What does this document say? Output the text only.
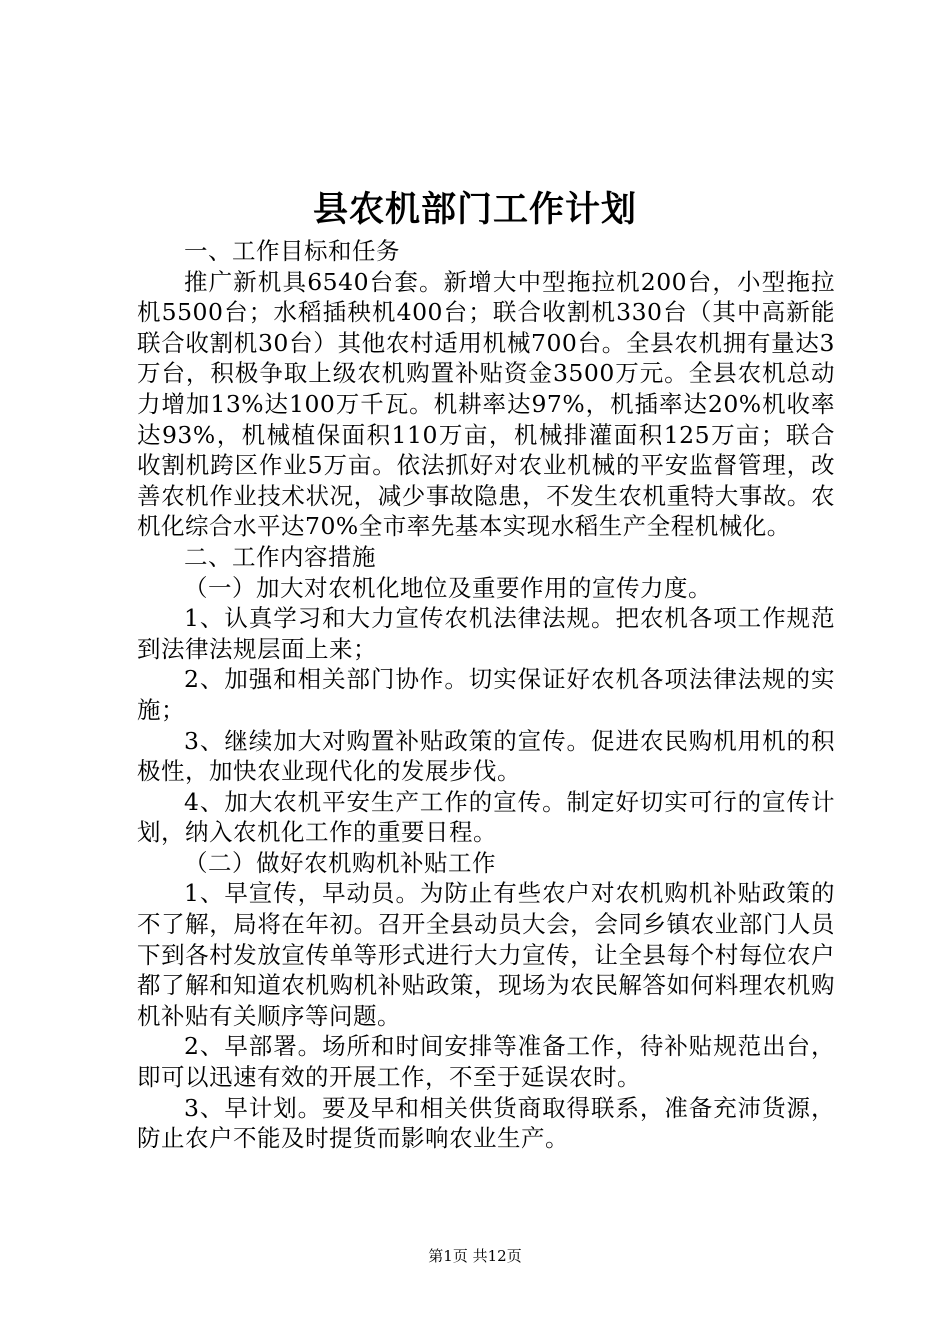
县农机部门工作计划

一、工作目标和任务

推广新机具6540台套。新增大中型拖拉机200台，小型拖拉机5500台；水稻插秧机400台；联合收割机330台（其中高新能联合收割机30台）其他农村适用机械700台。全县农机拥有量达3万台，积极争取上级农机购置补贴资金3500万元。全县农机总动力增加13%达100万千瓦。机耕率达97%，机插率达20%机收率达93%，机械植保面积110万亩，机械排灌面积125万亩；联合收割机跨区作业5万亩。依法抓好对农业机械的平安监督管理，改善农机作业技术状况，减少事故隐患，不发生农机重特大事故。农机化综合水平达70%全市率先基本实现水稻生产全程机械化。

二、工作内容措施

（一）加大对农机化地位及重要作用的宣传力度。

1、认真学习和大力宣传农机法律法规。把农机各项工作规范到法律法规层面上来；

2、加强和相关部门协作。切实保证好农机各项法律法规的实施；

3、继续加大对购置补贴政策的宣传。促进农民购机用机的积极性，加快农业现代化的发展步伐。

4、加大农机平安生产工作的宣传。制定好切实可行的宣传计划，纳入农机化工作的重要日程。

（二）做好农机购机补贴工作

1、早宣传，早动员。为防止有些农户对农机购机补贴政策的不了解，局将在年初。召开全县动员大会，会同乡镇农业部门人员下到各村发放宣传单等形式进行大力宣传，让全县每个村每位农户都了解和知道农机购机补贴政策，现场为农民解答如何料理农机购机补贴有关顺序等问题。

2、早部署。场所和时间安排等准备工作，待补贴规范出台，即可以迅速有效的开展工作，不至于延误农时。

3、早计划。要及早和相关供货商取得联系，准备充沛货源，防止农户不能及时提货而影响农业生产。

第1页 共12页
